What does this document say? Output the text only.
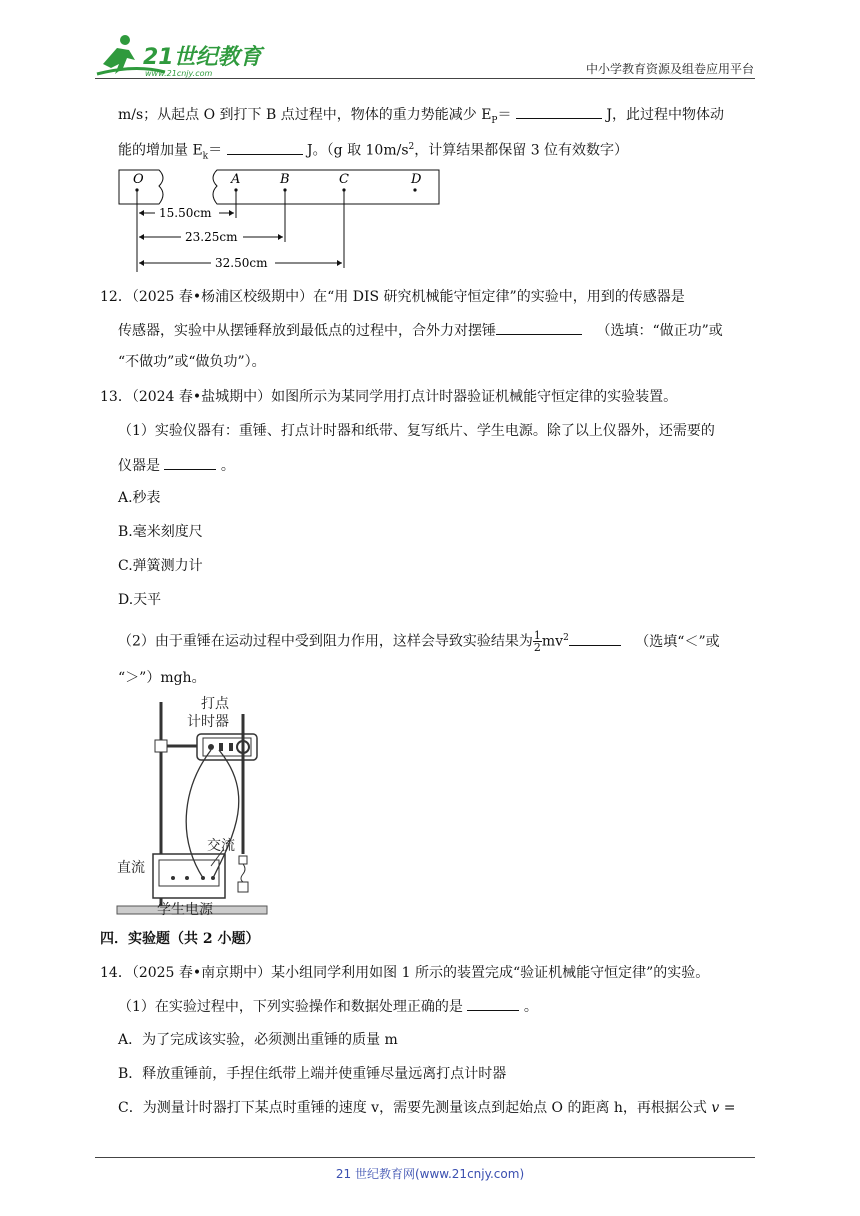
21世纪教育
www.21cnjy.com	中小学教育资源及组卷应用平台
m/s；从起点 O 到打下 B 点过程中，物体的重力势能减少 $E_P=$	J，此过程中物体动
能的增加量 $E_k=$	J。（g 取 $10m/s^2$，计算结果都保留 3 位有效数字）
O	A	B	C	D
15.50cm
23.25cm
32.50cm
12．（2025 春•杨浦区校级期中）在“用 DIS 研究机械能守恒定律”的实验中，用到的传感器是
传感器，实验中从摆锤释放到最低点的过程中，合外力对摆锤	（选填：“做正功”或
“不做功”或“做负功”）。
13．（2024 春•盐城期中）如图所示为某同学用打点计时器验证机械能守恒定律的实验装置。
（1）实验仪器有：重锤、打点计时器和纸带、复写纸片、学生电源。除了以上仪器外，还需要的
仪器是	。
A.秒表
B.毫米刻度尺
C.弹簧测力计
D.天平
（2）由于重锤在运动过程中受到阻力作用，这样会导致实验结果为 $\frac{1}{2} mv^2$	（选填“＜”或
“＞”）mgh。
打点
计时器
交流
直流
学生电源
四．实验题（共 2 小题）
14．（2025 春•南京期中）某小组同学利用如图 1 所示的装置完成“验证机械能守恒定律”的实验。
（1）在实验过程中，下列实验操作和数据处理正确的是	。
A．为了完成该实验，必须测出重锤的质量 m
B．释放重锤前，手捏住纸带上端并使重锤尽量远离打点计时器
C．为测量计时器打下某点时重锤的速度 v，需要先测量该点到起始点 O 的距离 h，再根据公式 v =
21 世纪教育网(www.21cnjy.com)
